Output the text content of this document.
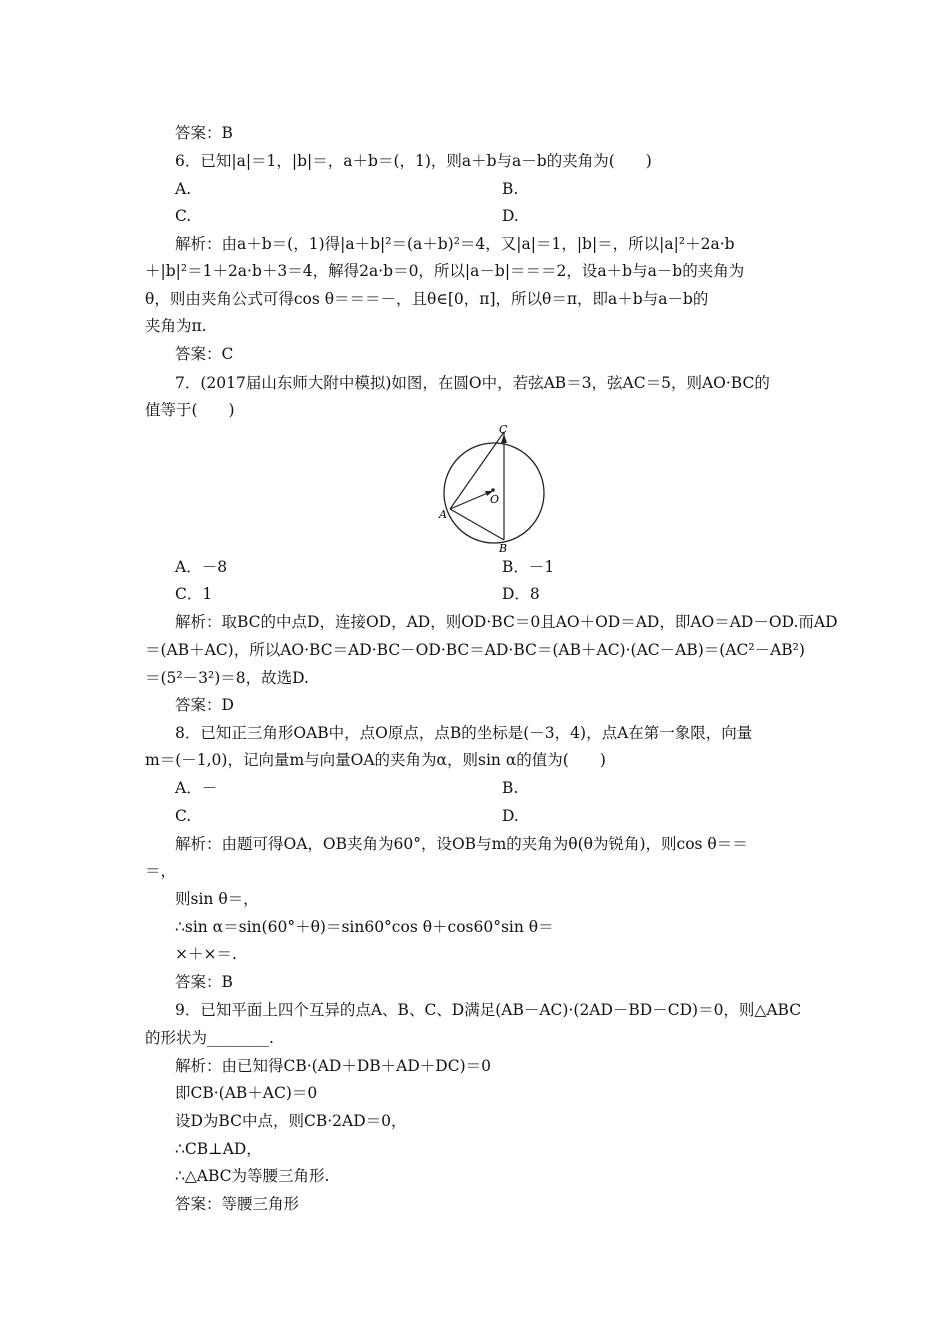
答案：B
6．已知|a|＝1，|b|＝，a＋b＝(，1)，则a＋b与a－b的夹角为(　　)
A.	B.
C.	D.
解析：由a＋b＝(，1)得|a＋b|²＝(a＋b)²＝4，又|a|＝1，|b|＝，所以|a|²＋2a·b
＋|b|²＝1＋2a·b＋3＝4，解得2a·b＝0，所以|a－b|＝＝＝2，设a＋b与a－b的夹角为
θ，则由夹角公式可得cos θ＝＝＝－，且θ∈[0，π]，所以θ＝π，即a＋b与a－b的
夹角为π.
答案：C
7．(2017届山东师大附中模拟)如图，在圆O中，若弦AB＝3，弦AC＝5，则AO·BC的
值等于(　　)
C
O
A
B
A．－8	B．－1
C．1	D．8
解析：取BC的中点D，连接OD，AD，则OD·BC＝0且AO＋OD＝AD，即AO＝AD－OD.而AD
＝(AB＋AC)，所以AO·BC＝AD·BC－OD·BC＝AD·BC＝(AB＋AC)·(AC－AB)＝(AC²－AB²)
＝(5²－3²)＝8，故选D.
答案：D
8．已知正三角形OAB中，点O原点，点B的坐标是(－3，4)，点A在第一象限，向量
m＝(－1,0)，记向量m与向量OA的夹角为α，则sin α的值为(　　)
A．－	B.
C.	D.
解析：由题可得OA，OB夹角为60°，设OB与m的夹角为θ(θ为锐角)，则cos θ＝＝
＝，
则sin θ＝，
∴sin α＝sin(60°＋θ)＝sin60°cos θ＋cos60°sin θ＝
×＋×＝.
答案：B
9．已知平面上四个互异的点A、B、C、D满足(AB－AC)·(2AD－BD－CD)＝0，则△ABC
的形状为________.
解析：由已知得CB·(AD＋DB＋AD＋DC)＝0
即CB·(AB＋AC)＝0
设D为BC中点，则CB·2AD＝0，
∴CB⊥AD，
∴△ABC为等腰三角形.
答案：等腰三角形
